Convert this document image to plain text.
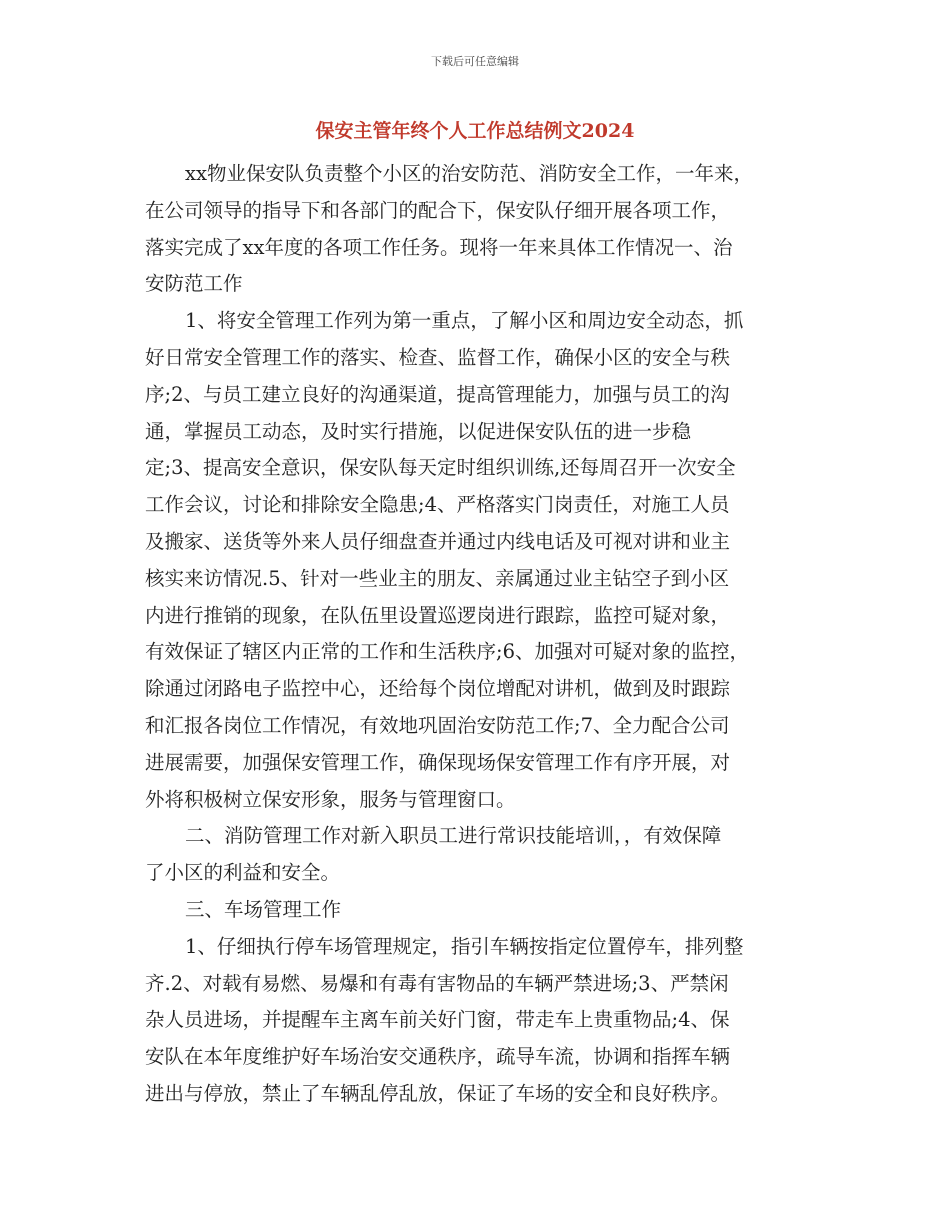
下载后可任意编辑
保安主管年终个人工作总结例文2024
xx物业保安队负责整个小区的治安防范、消防安全工作，一年来，
在公司领导的指导下和各部门的配合下，保安队仔细开展各项工作，
落实完成了xx年度的各项工作任务。现将一年来具体工作情况一、治
安防范工作
1、将安全管理工作列为第一重点，了解小区和周边安全动态，抓
好日常安全管理工作的落实、检查、监督工作，确保小区的安全与秩
序;2、与员工建立良好的沟通渠道，提高管理能力，加强与员工的沟
通，掌握员工动态，及时实行措施，以促进保安队伍的进一步稳
定;3、提高安全意识，保安队每天定时组织训练,还每周召开一次安全
工作会议，讨论和排除安全隐患;4、严格落实门岗责任，对施工人员
及搬家、送货等外来人员仔细盘查并通过内线电话及可视对讲和业主
核实来访情况.5、针对一些业主的朋友、亲属通过业主钻空子到小区
内进行推销的现象，在队伍里设置巡逻岗进行跟踪，监控可疑对象，
有效保证了辖区内正常的工作和生活秩序;6、加强对可疑对象的监控，
除通过闭路电子监控中心，还给每个岗位增配对讲机，做到及时跟踪
和汇报各岗位工作情况，有效地巩固治安防范工作;7、全力配合公司
进展需要，加强保安管理工作，确保现场保安管理工作有序开展，对
外将积极树立保安形象，服务与管理窗口。
二、消防管理工作对新入职员工进行常识技能培训，，有效保障
了小区的利益和安全。
三、车场管理工作
1、仔细执行停车场管理规定，指引车辆按指定位置停车，排列整
齐.2、对载有易燃、易爆和有毒有害物品的车辆严禁进场;3、严禁闲
杂人员进场，并提醒车主离车前关好门窗，带走车上贵重物品;4、保
安队在本年度维护好车场治安交通秩序，疏导车流，协调和指挥车辆
进出与停放，禁止了车辆乱停乱放，保证了车场的安全和良好秩序。
